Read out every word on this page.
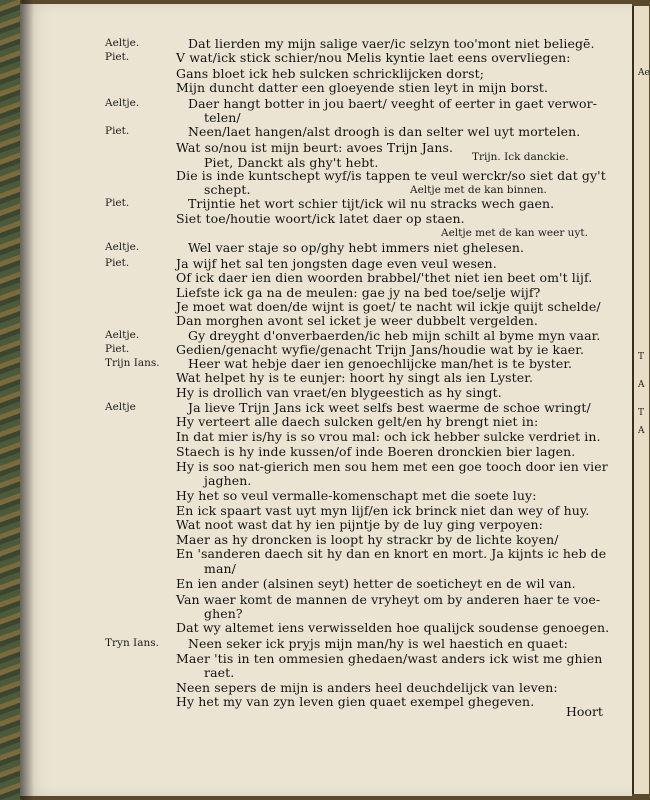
Aeltje.	Dat lierden my mijn salige vaer/ic selzyn too'mont niet beliegē.
Piet.	V wat/ick stick schier/nou Melis kyntie laet eens overvliegen:
Gans bloet ick heb sulcken schricklijcken dorst;
Mijn duncht datter een gloeyende stien leyt in mijn borst.
Aeltje.	Daer hangt botter in jou baert/ veeght of eerter in gaet verwor-
telen/
Piet.	Neen/laet hangen/alst droogh is dan selter wel uyt mortelen.
Wat so/nou ist mijn beurt: avoes Trijn Jans.
Piet, Danckt als ghy't hebt.
Die is inde kuntschept wyf/is tappen te veul werckr/so siet dat gy't
schept.
Piet.	Trijntie het wort schier tijt/ick wil nu stracks wech gaen.
Siet toe/houtie woort/ick latet daer op staen.
Aeltje.	Wel vaer staje so op/ghy hebt immers niet ghelesen.
Piet.	Ja wijf het sal ten jongsten dage even veul wesen.
Of ick daer ien dien woorden brabbel/'thet niet ien beet om't lijf.
Liefste ick ga na de meulen: gae jy na bed toe/selje wijf?
Je moet wat doen/de wijnt is goet/ te nacht wil ickje quijt schelde/
Dan morghen avont sel icket je weer dubbelt vergelden.
Aeltje.	Gy dreyght d'onverbaerden/ic heb mijn schilt al byme myn vaar.
Piet.	Gedien/genacht wyfie/genacht Trijn Jans/houdie wat by ie kaer.
Trijn Ians. Heer wat hebje daer ien genoechlijcke man/het is te byster.
Wat helpet hy is te eunjer: hoort hy singt als ien Lyster.
Hy is drollich van vraet/en blygeestich as hy singt.
Aeltje	Ja lieve Trijn Jans ick weet selfs best waerme de schoe wringt/
Hy verteert alle daech sulcken gelt/en hy brengt niet in:
In dat mier is/hy is so vrou mal: och ick hebber sulcke verdriet in.
Staech is hy inde kussen/of inde Boeren dronckien bier lagen.
Hy is soo nat-gierich men sou hem met een goe tooch door ien vier
jaghen.
Hy het so veul vermalle-komenschapt met die soete luy:
En ick spaart vast uyt myn lijf/en ick brinck niet dan wey of huy.
Wat noot wast dat hy ien pijntje by de luy ging verpoyen:
Maer as hy droncken is loopt hy strackr by de lichte koyen/
En 'sanderen daech sit hy dan en knort en mort. Ja kijnts ic heb de
man/
En ien ander (alsinen seyt) hetter de soeticheyt en de wil van.
Van waer komt de mannen de vryheyt om by anderen haer te voe-
ghen?
Dat wy altemet iens verwisselden hoe qualijck soudense genoegen.
Tryn Ians. Neen seker ick pryjs mijn man/hy is wel haestich en quaet:
Maer 'tis in ten ommesien ghedaen/wast anders ick wist me ghien
raet.
Neen sepers de mijn is anders heel deuchdelijck van leven:
Hy het my van zyn leven gien quaet exempel ghegeven.
Trijn. Ick danckie.
Aeltje met de kan binnen.
Aeltje met de kan weer uyt.
Hoort
Ae
T
A
T
A
